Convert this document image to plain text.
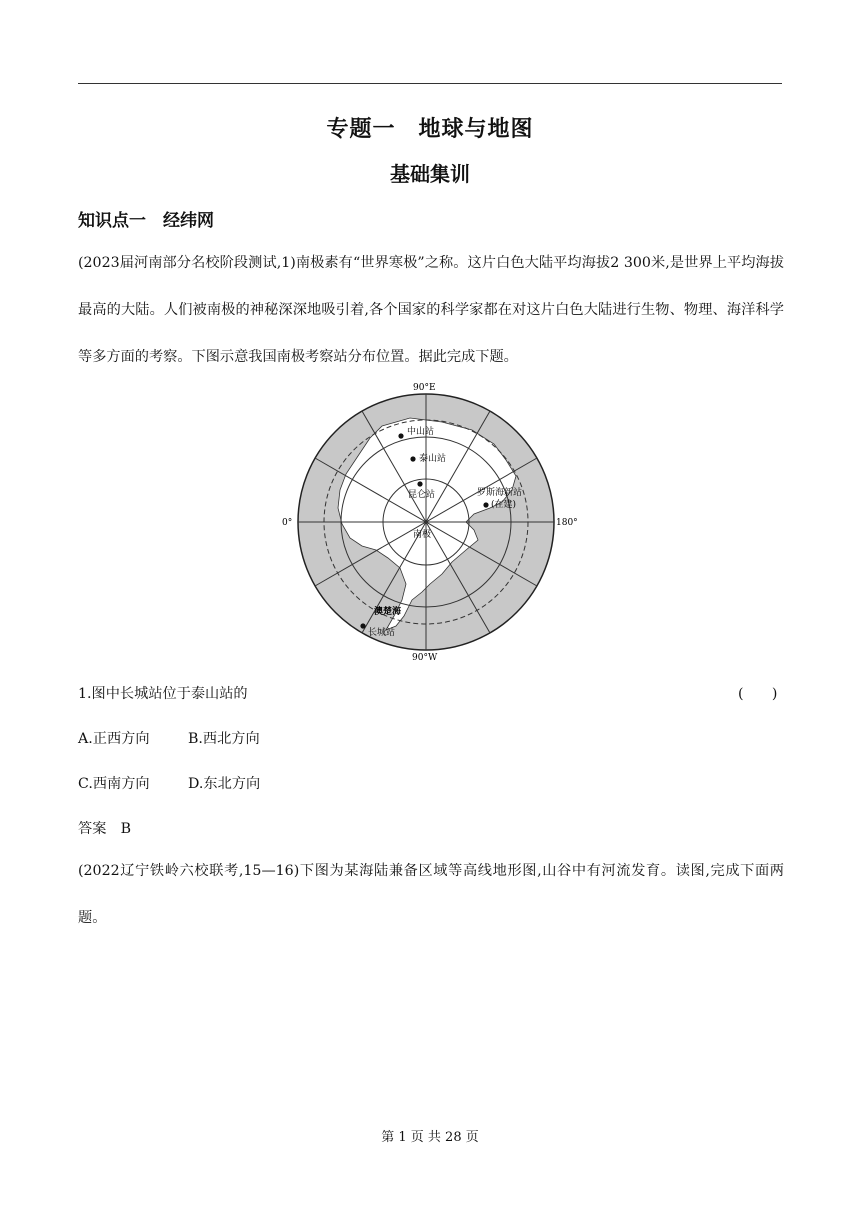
专题一　地球与地图
基础集训
知识点一　经纬网
(2023届河南部分名校阶段测试,1)南极素有“世界寒极”之称。这片白色大陆平均海拔2 300米,是世界上平均海拔最高的大陆。人们被南极的神秘深深地吸引着,各个国家的科学家都在对这片白色大陆进行生物、物理、海洋科学等多方面的考察。下图示意我国南极考察站分布位置。据此完成下题。
90°E
0°	180°
90°W
中山站
泰山站
昆仑站	罗斯海新站
(在建)
长城站
澳楚海
南极
1.图中长城站位于泰山站的	(　　)
A.正西方向	B.西北方向
C.西南方向	D.东北方向
答案　B
(2022辽宁铁岭六校联考,15—16)下图为某海陆兼备区域等高线地形图,山谷中有河流发育。读图,完成下面两题。
第 1 页 共 28 页
